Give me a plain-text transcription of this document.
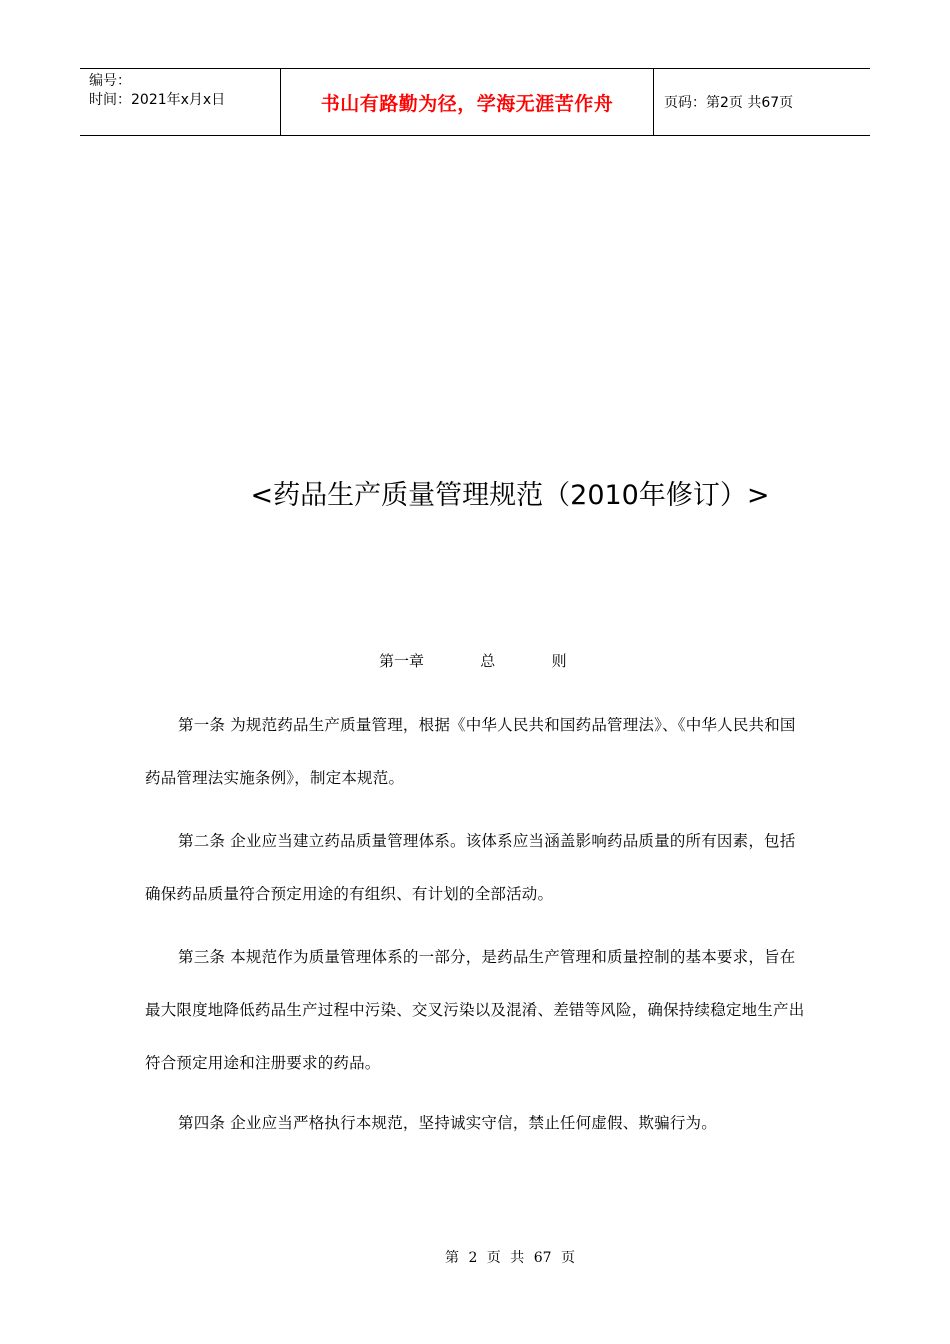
编号：
时间：2021年x月x日	书山有路勤为径，学海无涯苦作舟	页码：第2页 共67页
<药品生产质量管理规范（2010年修订）>
第一章   总   则

第一条 为规范药品生产质量管理，根据《中华人民共和国药品管理法》、《中华人民共和国药品管理法实施条例》，制定本规范。

第二条 企业应当建立药品质量管理体系。该体系应当涵盖影响药品质量的所有因素，包括确保药品质量符合预定用途的有组织、有计划的全部活动。

第三条 本规范作为质量管理体系的一部分，是药品生产管理和质量控制的基本要求，旨在最大限度地降低药品生产过程中污染、交叉污染以及混淆、差错等风险，确保持续稳定地生产出符合预定用途和注册要求的药品。

第四条 企业应当严格执行本规范，坚持诚实守信，禁止任何虚假、欺骗行为。

第 2 页 共 67 页
